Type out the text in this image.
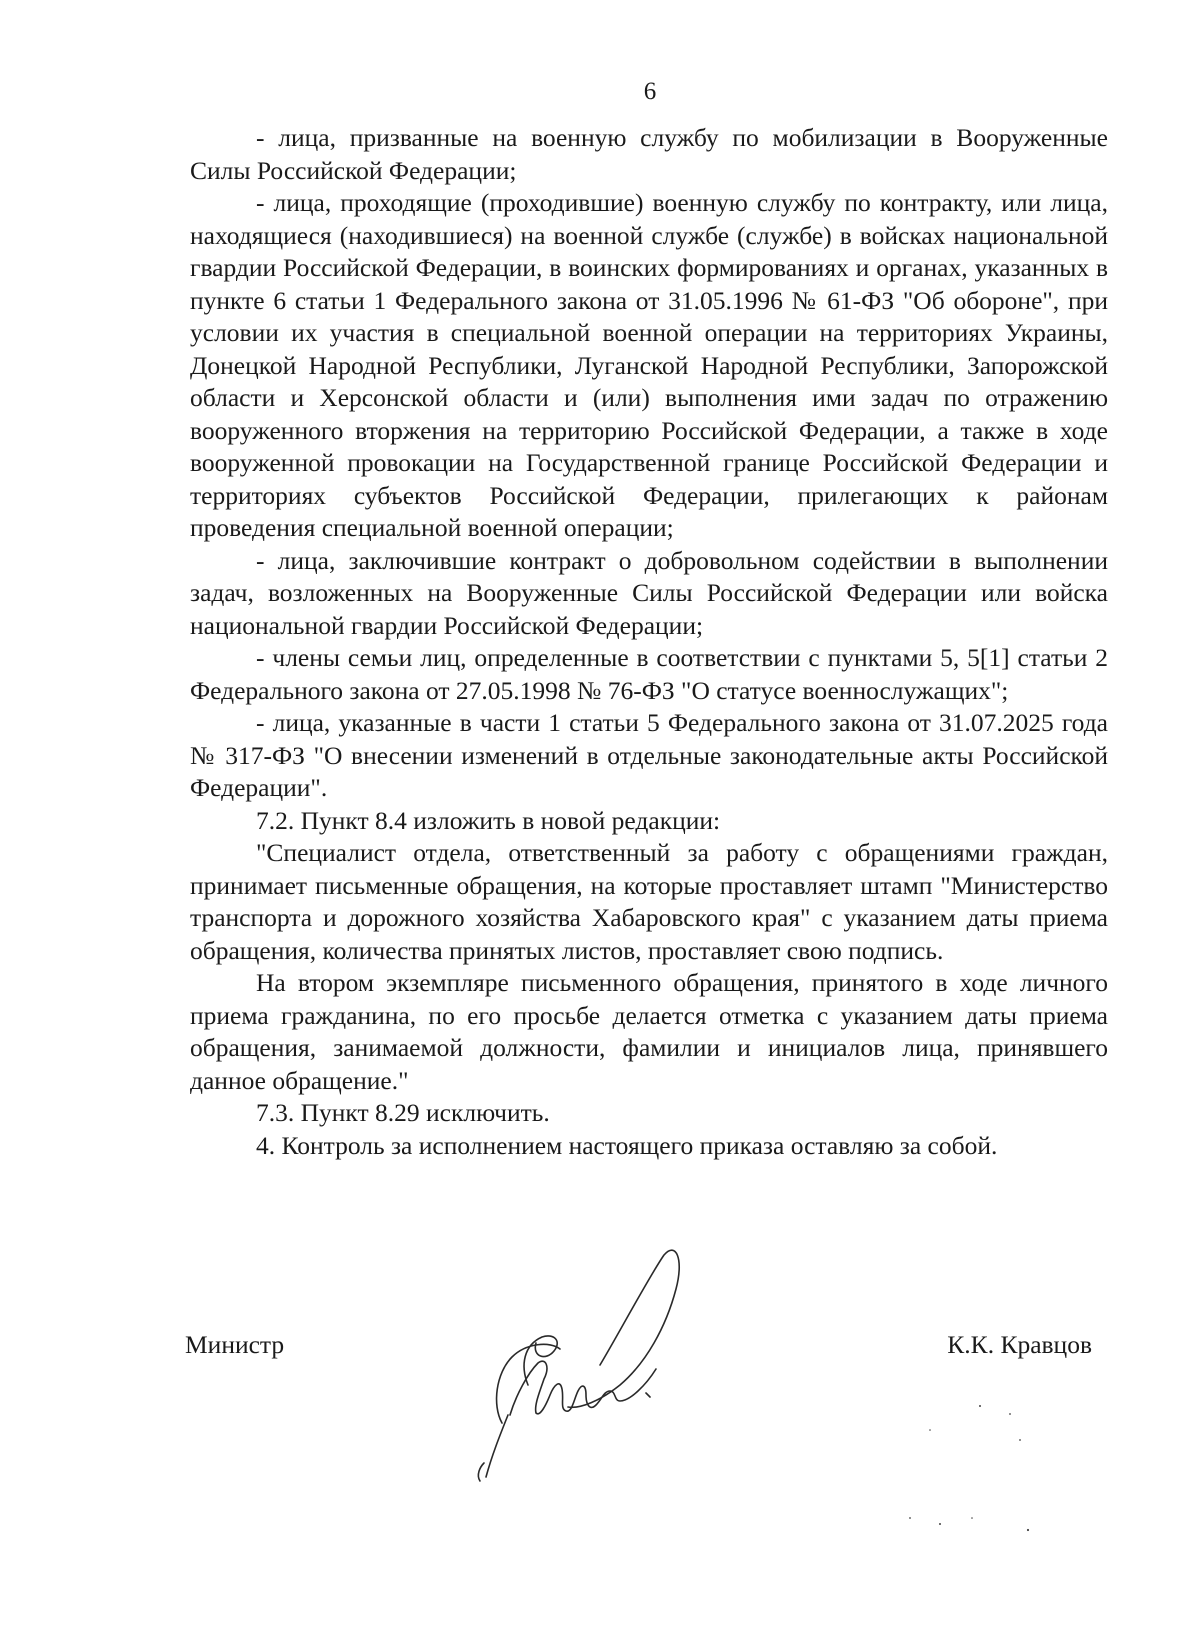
6

- лица, призванные на военную службу по мобилизации в Вооруженные Силы Российской Федерации;

- лица, проходящие (проходившие) военную службу по контракту, или лица, находящиеся (находившиеся) на военной службе (службе) в войсках национальной гвардии Российской Федерации, в воинских формированиях и органах, указанных в пункте 6 статьи 1 Федерального закона от 31.05.1996 № 61-ФЗ "Об обороне", при условии их участия в специальной военной операции на территориях Украины, Донецкой Народной Республики, Луганской Народной Республики, Запорожской области и Херсонской области и (или) выполнения ими задач по отражению вооруженного вторжения на территорию Российской Федерации, а также в ходе вооруженной провокации на Государственной границе Российской Федерации и территориях субъектов Российской Федерации, прилегающих к районам проведения специальной военной операции;

- лица, заключившие контракт о добровольном содействии в выполнении задач, возложенных на Вооруженные Силы Российской Федерации или войска национальной гвардии Российской Федерации;

- члены семьи лиц, определенные в соответствии с пунктами 5, 5[1] статьи 2 Федерального закона от 27.05.1998 № 76-ФЗ "О статусе военнослужащих";

- лица, указанные в части 1 статьи 5 Федерального закона от 31.07.2025 года № 317-ФЗ "О внесении изменений в отдельные законодательные акты Российской Федерации".

7.2. Пункт 8.4 изложить в новой редакции:

"Специалист отдела, ответственный за работу с обращениями граждан, принимает письменные обращения, на которые проставляет штамп "Министерство транспорта и дорожного хозяйства Хабаровского края" с указанием даты приема обращения, количества принятых листов, проставляет свою подпись.

На втором экземпляре письменного обращения, принятого в ходе личного приема гражданина, по его просьбе делается отметка с указанием даты приема обращения, занимаемой должности, фамилии и инициалов лица, принявшего данное обращение."

7.3. Пункт 8.29 исключить.

4. Контроль за исполнением настоящего приказа оставляю за собой.

Министр	К.К. Кравцов
